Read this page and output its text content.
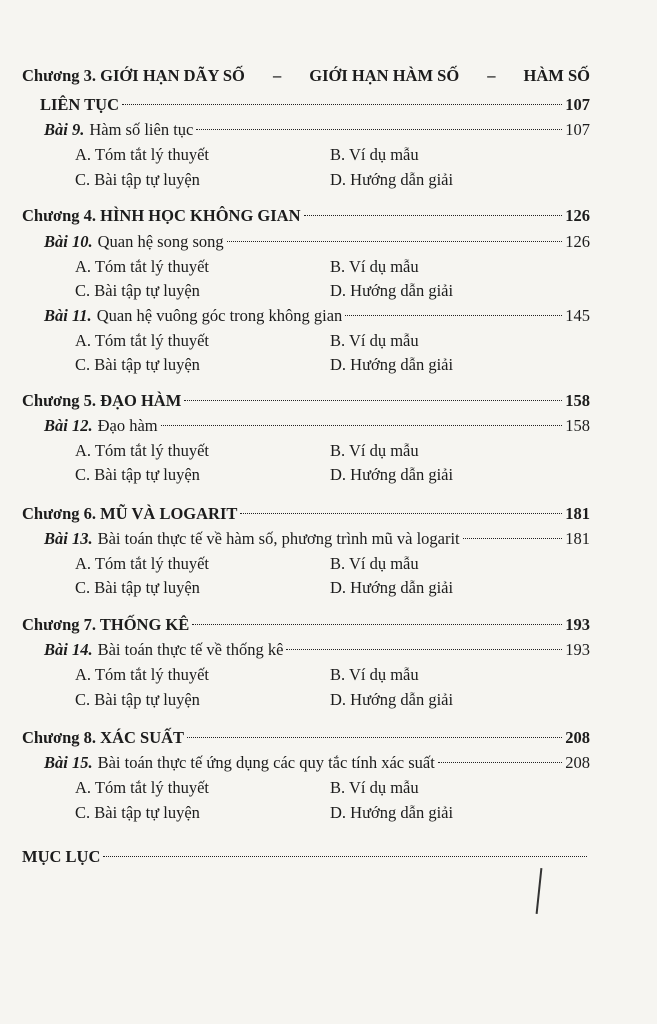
Chương 3. GIỚI HẠN DÃY SỐ – GIỚI HẠN HÀM SỐ – HÀM SỐ
LIÊN TỤC	107
Bài 9. Hàm số liên tục	107
A. Tóm tắt lý thuyết	B. Ví dụ mẫu
C. Bài tập tự luyện	D. Hướng dẫn giải
Chương 4. HÌNH HỌC KHÔNG GIAN	126
Bài 10. Quan hệ song song	126
A. Tóm tắt lý thuyết	B. Ví dụ mẫu
C. Bài tập tự luyện	D. Hướng dẫn giải
Bài 11. Quan hệ vuông góc trong không gian	145
A. Tóm tắt lý thuyết	B. Ví dụ mẫu
C. Bài tập tự luyện	D. Hướng dẫn giải
Chương 5. ĐẠO HÀM	158
Bài 12. Đạo hàm	158
A. Tóm tắt lý thuyết	B. Ví dụ mẫu
C. Bài tập tự luyện	D. Hướng dẫn giải
Chương 6. MŨ VÀ LOGARIT	181
Bài 13. Bài toán thực tế về hàm số, phương trình mũ và logarit	181
A. Tóm tắt lý thuyết	B. Ví dụ mẫu
C. Bài tập tự luyện	D. Hướng dẫn giải
Chương 7. THỐNG KÊ	193
Bài 14. Bài toán thực tế về thống kê	193
A. Tóm tắt lý thuyết	B. Ví dụ mẫu
C. Bài tập tự luyện	D. Hướng dẫn giải
Chương 8. XÁC SUẤT	208
Bài 15. Bài toán thực tế ứng dụng các quy tắc tính xác suất	208
A. Tóm tắt lý thuyết	B. Ví dụ mẫu
C. Bài tập tự luyện	D. Hướng dẫn giải
MỤC LỤC
